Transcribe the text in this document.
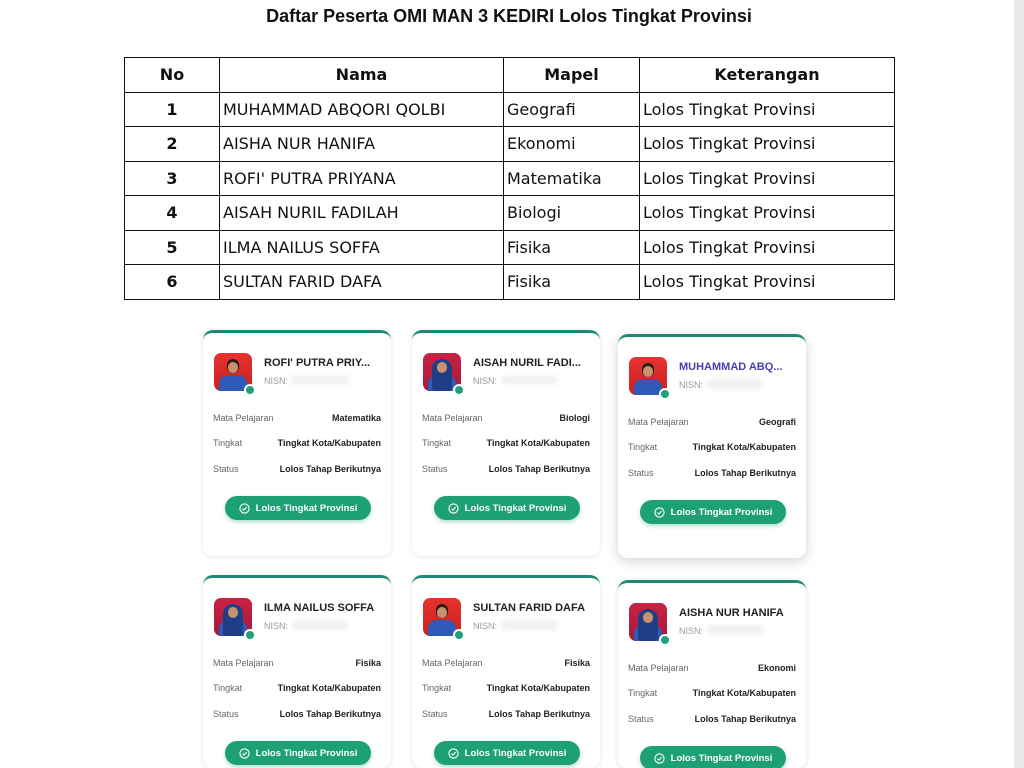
Daftar Peserta OMI MAN 3 KEDIRI Lolos Tingkat Provinsi
No	Nama	Mapel	Keterangan
1	MUHAMMAD ABQORI QOLBI	Geografi	Lolos Tingkat Provinsi
2	AISHA NUR HANIFA	Ekonomi	Lolos Tingkat Provinsi
3	ROFI' PUTRA PRIYANA	Matematika	Lolos Tingkat Provinsi
4	AISAH NURIL FADILAH	Biologi	Lolos Tingkat Provinsi
5	ILMA NAILUS SOFFA	Fisika	Lolos Tingkat Provinsi
6	SULTAN FARID DAFA	Fisika	Lolos Tingkat Provinsi
ROFI' PUTRA PRIY...
NISN:
Mata Pelajaran	Matematika
Tingkat	Tingkat Kota/Kabupaten
Status	Lolos Tahap Berikutnya
Lolos Tingkat Provinsi
AISAH NURIL FADI...
NISN:
Mata Pelajaran	Biologi
Tingkat	Tingkat Kota/Kabupaten
Status	Lolos Tahap Berikutnya
Lolos Tingkat Provinsi
MUHAMMAD ABQ...
NISN:
Mata Pelajaran	Geografi
Tingkat	Tingkat Kota/Kabupaten
Status	Lolos Tahap Berikutnya
Lolos Tingkat Provinsi
ILMA NAILUS SOFFA
NISN:
Mata Pelajaran	Fisika
Tingkat	Tingkat Kota/Kabupaten
Status	Lolos Tahap Berikutnya
Lolos Tingkat Provinsi
SULTAN FARID DAFA
NISN:
Mata Pelajaran	Fisika
Tingkat	Tingkat Kota/Kabupaten
Status	Lolos Tahap Berikutnya
Lolos Tingkat Provinsi
AISHA NUR HANIFA
NISN:
Mata Pelajaran	Ekonomi
Tingkat	Tingkat Kota/Kabupaten
Status	Lolos Tahap Berikutnya
Lolos Tingkat Provinsi
